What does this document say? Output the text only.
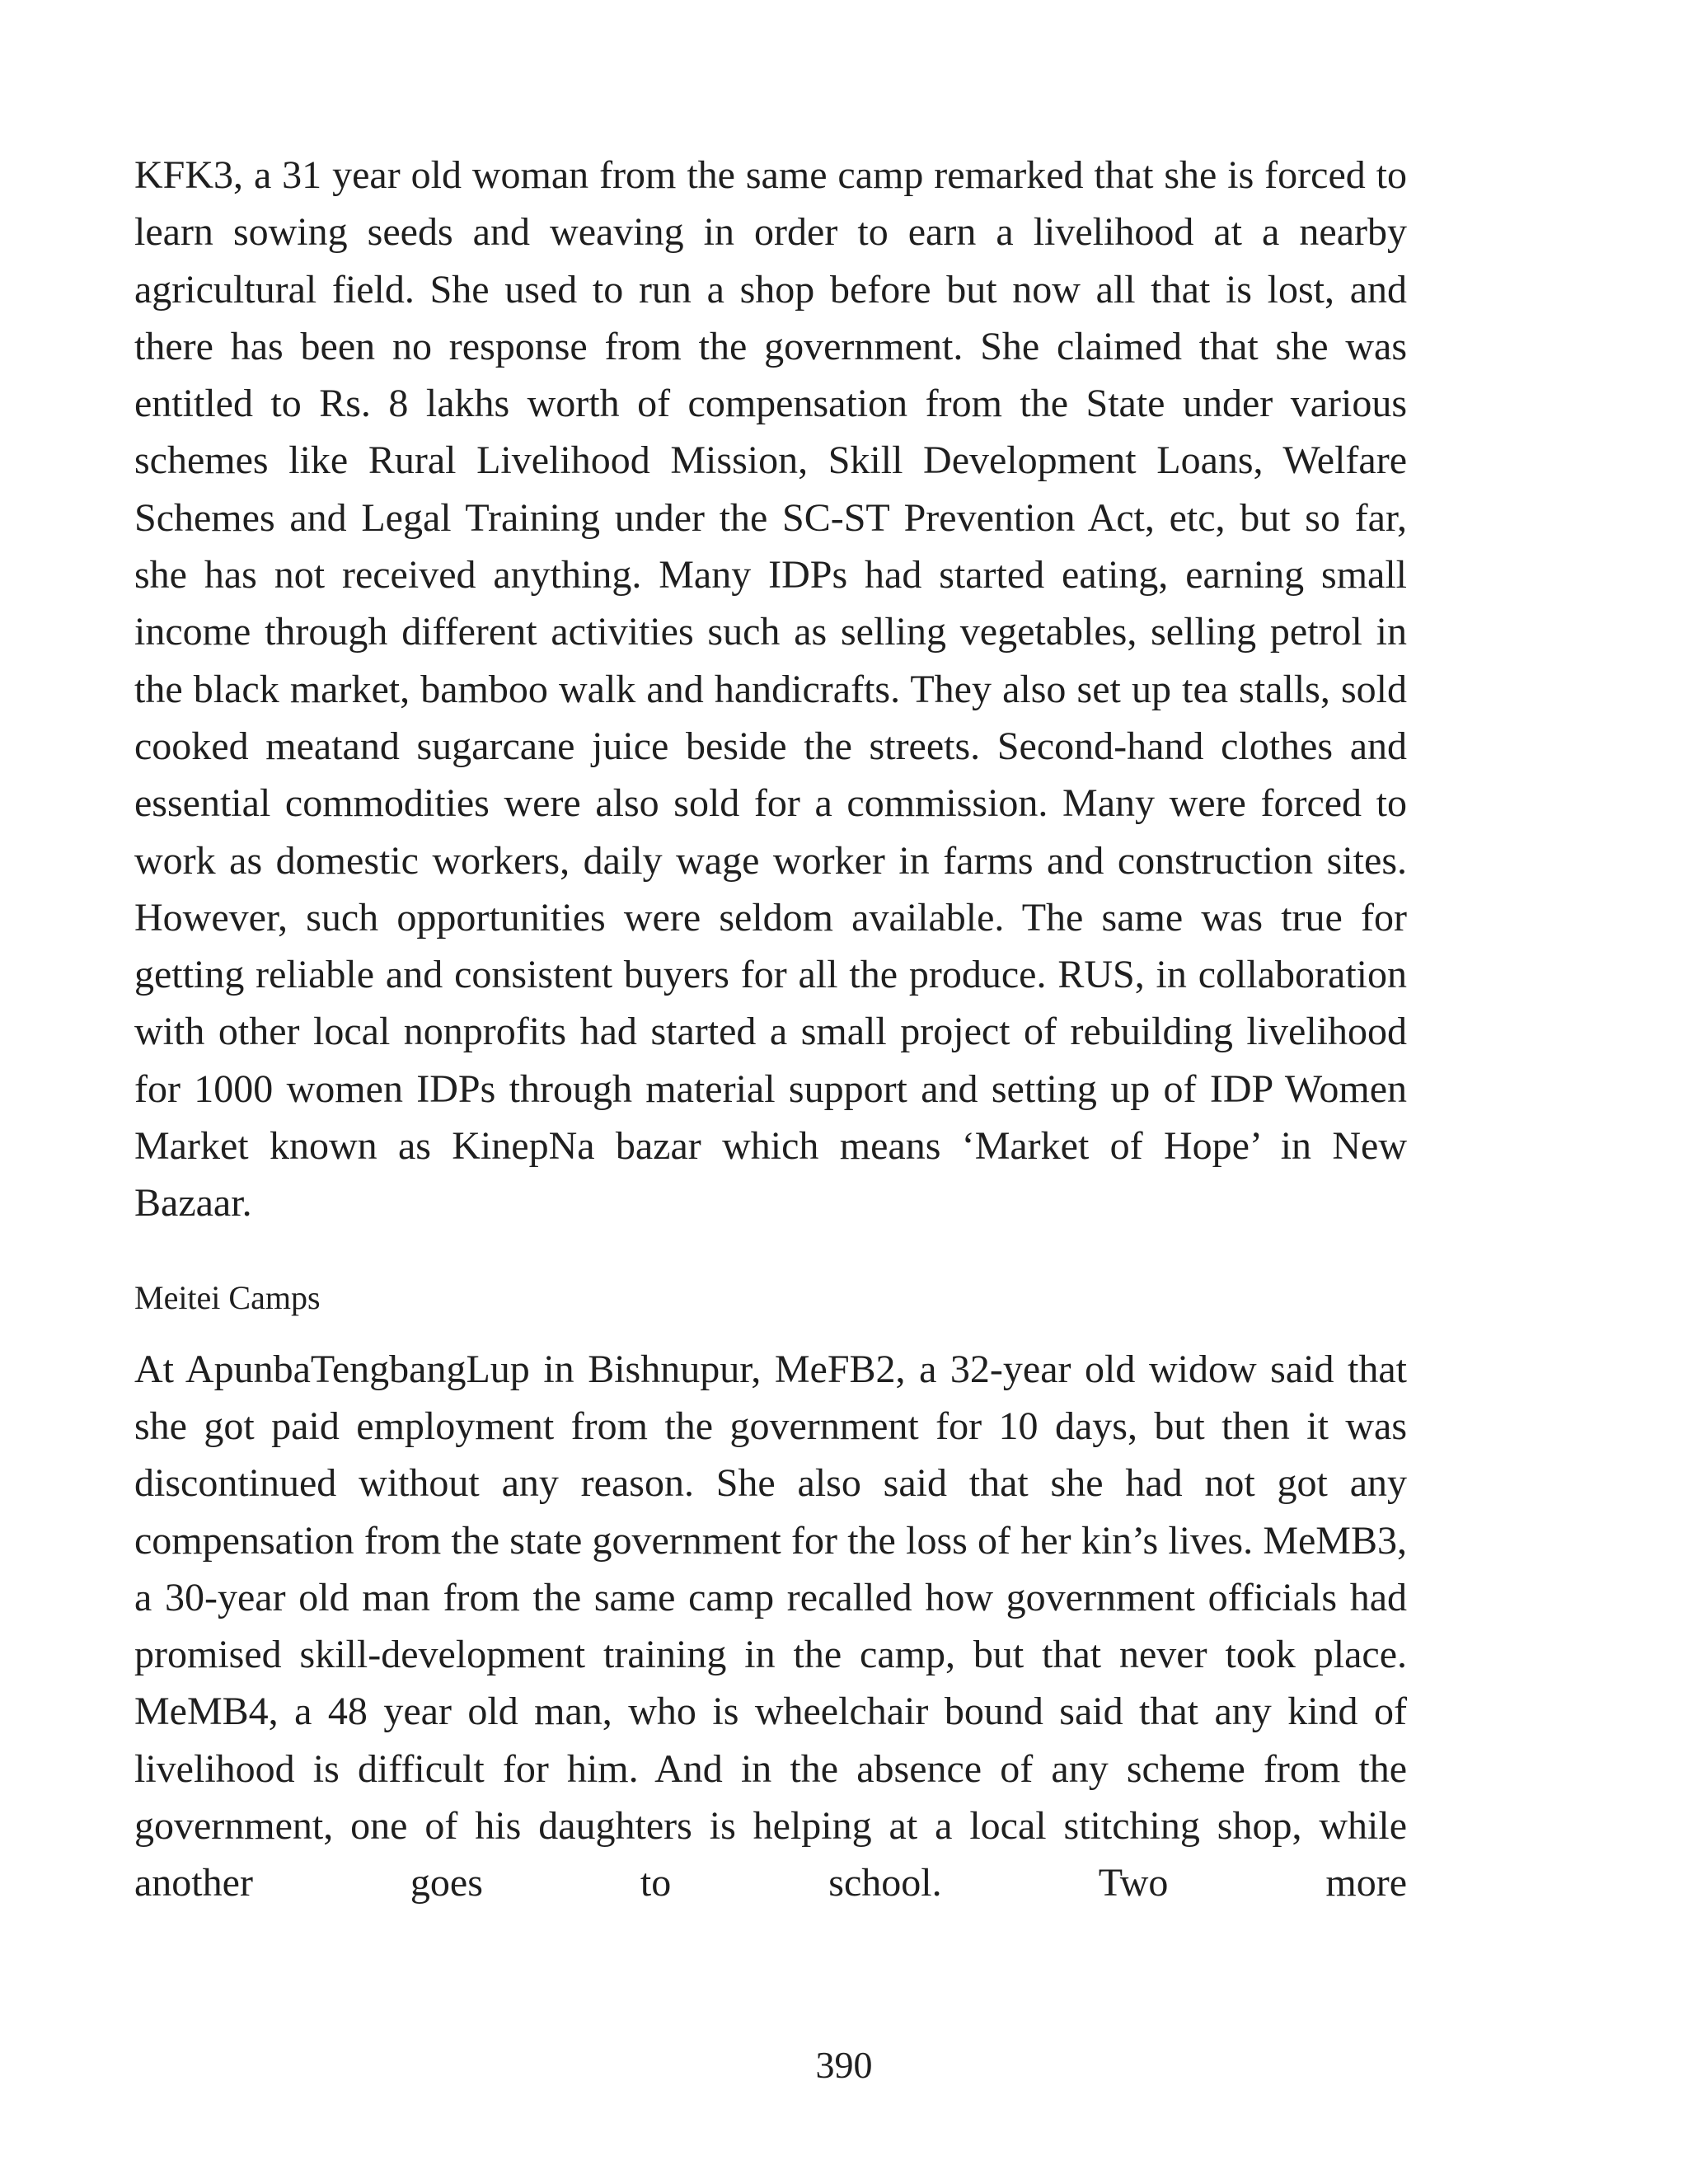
KFK3, a 31 year old woman from the same camp remarked that she is forced to learn sowing seeds and weaving in order to earn a livelihood at a nearby agricultural field. She used to run a shop before but now all that is lost, and there has been no response from the government. She claimed that she was entitled to Rs. 8 lakhs worth of compensation from the State under various schemes like Rural Livelihood Mission, Skill Development Loans, Welfare Schemes and Legal Training under the SC-ST Prevention Act, etc, but so far, she has not received anything. Many IDPs had started eating, earning small income through different activities such as selling vegetables, selling petrol in the black market, bamboo walk and handicrafts. They also set up tea stalls, sold cooked meatand sugarcane juice beside the streets. Second-hand clothes and essential commodities were also sold for a commission. Many were forced to work as domestic workers, daily wage worker in farms and construction sites. However, such opportunities were seldom available. The same was true for getting reliable and consistent buyers for all the produce. RUS, in collaboration with other local nonprofits had started a small project of rebuilding livelihood for 1000 women IDPs through material support and setting up of IDP Women Market known as KinepNa bazar which means ‘Market of Hope’ in New Bazaar.

Meitei Camps

At ApunbaTengbangLup in Bishnupur, MeFB2, a 32-year old widow said that she got paid employment from the government for 10 days, but then it was discontinued without any reason. She also said that she had not got any compensation from the state government for the loss of her kin’s lives. MeMB3, a 30-year old man from the same camp recalled how government officials had promised skill-development training in the camp, but that never took place. MeMB4, a 48 year old man, who is wheelchair bound said that any kind of livelihood is difficult for him. And in the absence of any scheme from the government, one of his daughters is helping at a local stitching shop, while another goes to school. Two more

390
